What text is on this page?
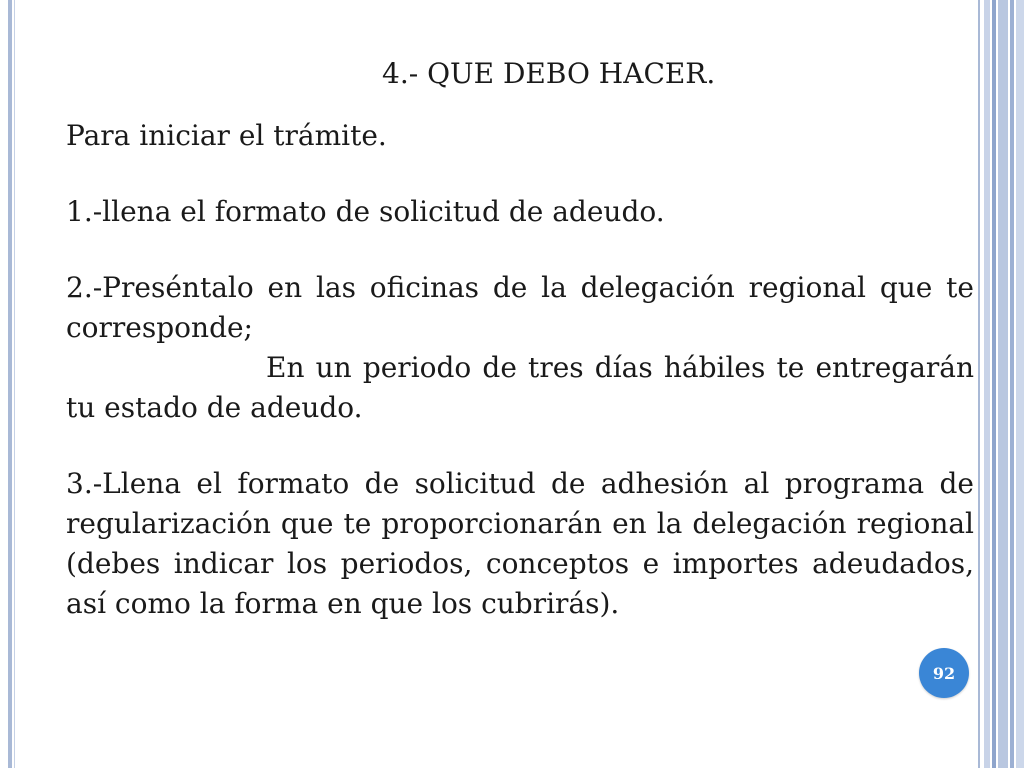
4.- QUE DEBO HACER.
Para iniciar el trámite.
1.-llena el formato de solicitud de adeudo.
2.-Preséntalo en las oficinas de la delegación regional que te corresponde;
En un periodo de tres días hábiles te entregarán tu estado de adeudo.
3.-Llena el formato de solicitud de adhesión al programa de regularización que te proporcionarán en la delegación regional (debes indicar los periodos, conceptos e importes adeudados, así como la forma en que los cubrirás).
92
